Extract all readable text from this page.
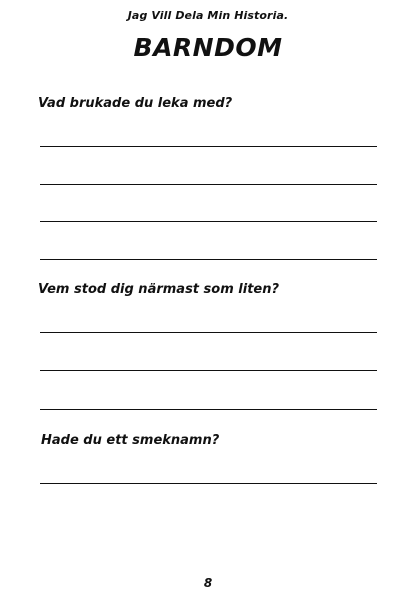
Jag Vill Dela Min Historia.
BARNDOM
Vad brukade du leka med?
Vem stod dig närmast som liten?
Hade du ett smeknamn?
8
